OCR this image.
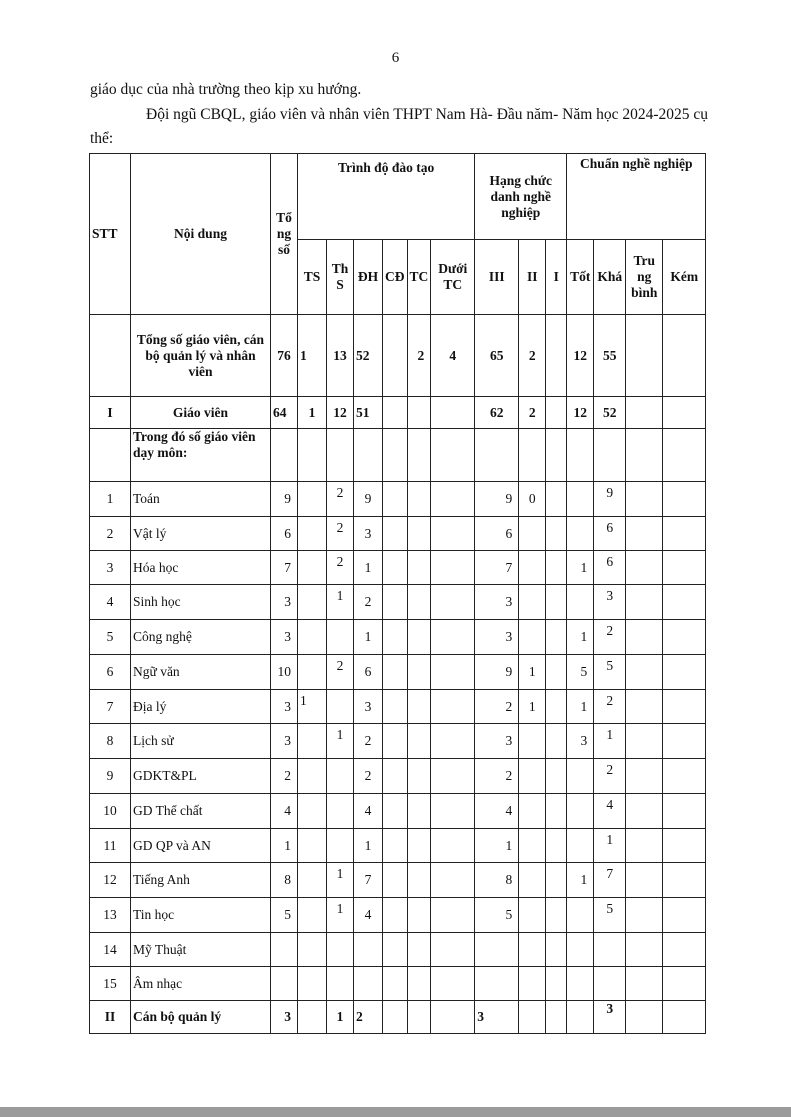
6
giáo dục của nhà trường theo kịp xu hướng.
Đội ngũ CBQL, giáo viên và nhân viên THPT Nam Hà- Đầu năm- Năm học 2024-2025 cụ thể:
STT	Nội dung	Tổ ng số	Trình độ đào tạo						Hạng chức danh nghề nghiệp			Chuẩn nghề nghiệp			
			TS	Th S	ĐH	CĐ	TC	Dưới TC	III	II	I	Tốt	Khá	Tru ng bình	Kém
	Tổng số giáo viên, cán bộ quản lý và nhân viên	76	1	13	52		2	4	65	2		12	55		
I	Giáo viên	64	1	12	51				62	2		12	52		
	Trong đó số giáo viên dạy môn:														
1	Toán	9		2	9				9	0			9		
2	Vật lý	6		2	3				6				6		
3	Hóa học	7		2	1				7			1	6		
4	Sinh học	3		1	2				3				3		
5	Công nghệ	3			1				3			1	2		
6	Ngữ văn	10		2	6				9	1		5	5		
7	Địa lý	3	1		3				2	1		1	2		
8	Lịch sử	3		1	2				3			3	1		
9	GDKT&PL	2			2				2				2		
10	GD Thể chất	4			4				4				4		
11	GD QP và AN	1			1				1				1		
12	Tiếng Anh	8		1	7				8			1	7		
13	Tin học	5		1	4				5				5		
14	Mỹ Thuật														
15	Âm nhạc														
II	Cán bộ quản lý	3		1	2				3				3		
